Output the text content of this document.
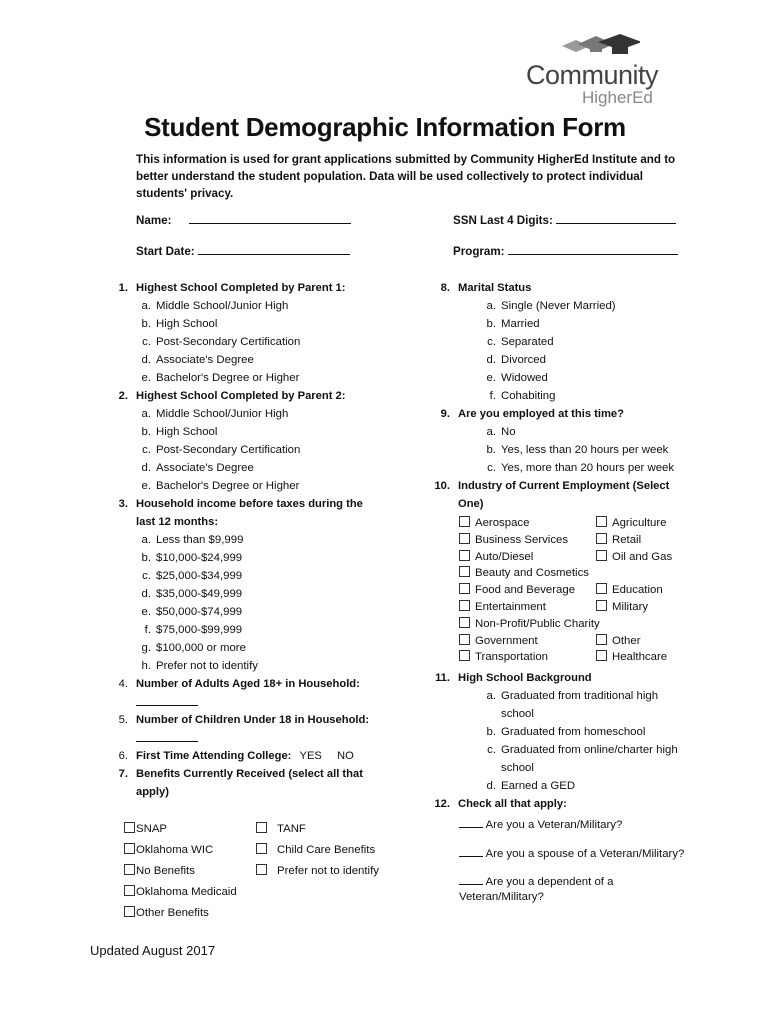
Community
HigherEd
Student Demographic Information Form
This information is used for grant applications submitted by Community HigherEd Institute and to better understand the student population. Data will be used collectively to protect individual students' privacy.
Name:	SSN Last 4 Digits:
Start Date:	Program:
1. Highest School Completed by Parent 1:
a. Middle School/Junior High
b. High School
c. Post-Secondary Certification
d. Associate's Degree
e. Bachelor's Degree or Higher
2. Highest School Completed by Parent 2:
a. Middle School/Junior High
b. High School
c. Post-Secondary Certification
d. Associate's Degree
e. Bachelor's Degree or Higher
3. Household income before taxes during the
last 12 months:
a. Less than $9,999
b. $10,000-$24,999
c. $25,000-$34,999
d. $35,000-$49,999
e. $50,000-$74,999
f. $75,000-$99,999
g. $100,000 or more
h. Prefer not to identify
4. Number of Adults Aged 18+ in Household:
5. Number of Children Under 18 in Household:
6. First Time Attending College: YES NO
7. Benefits Currently Received (select all that
apply)
SNAP
Oklahoma WIC
No Benefits
Oklahoma Medicaid
Other Benefits
TANF
Child Care Benefits
Prefer not to identify
8. Marital Status
a. Single (Never Married)
b. Married
c. Separated
d. Divorced
e. Widowed
f. Cohabiting
9. Are you employed at this time?
a. No
b. Yes, less than 20 hours per week
c. Yes, more than 20 hours per week
10. Industry of Current Employment (Select
One)
Aerospace
Business Services
Auto/Diesel
Beauty and Cosmetics
Food and Beverage
Entertainment
Non-Profit/Public Charity
Government
Transportation
Agriculture
Retail
Oil and Gas
Education
Military
Other
Healthcare
11. High School Background
a. Graduated from traditional high
school
b. Graduated from homeschool
c. Graduated from online/charter high
school
d. Earned a GED
12. Check all that apply:
Are you a Veteran/Military?
Are you a spouse of a Veteran/Military?
Are you a dependent of a
Veteran/Military?
Updated August 2017
